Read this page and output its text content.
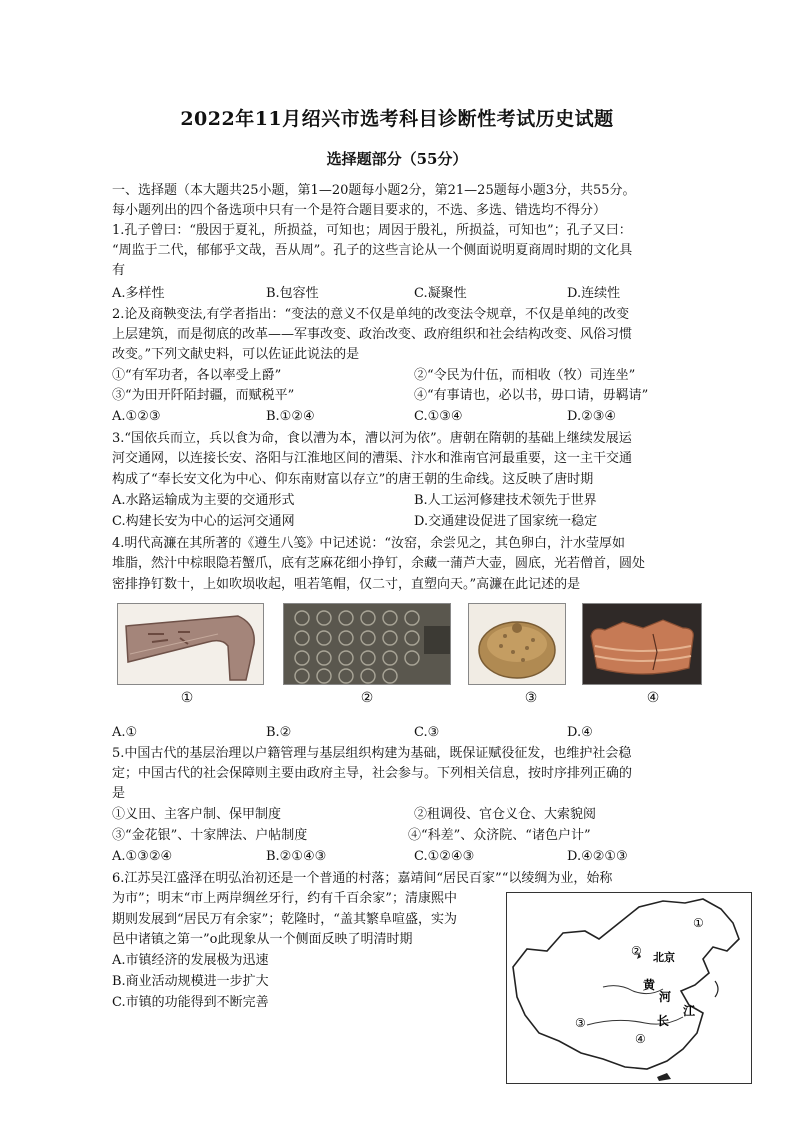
2022年11月绍兴市选考科目诊断性考试历史试题
选择题部分（55分）
一、选择题（本大题共25小题，第1—20题每小题2分，第21—25题每小题3分，共55分。
每小题列出的四个备选项中只有一个是符合题目要求的，不选、多选、错选均不得分）
1.孔子曾曰：“殷因于夏礼，所损益，可知也；周因于殷礼，所损益，可知也”；孔子又曰：
“周监于二代，郁郁乎文哉，吾从周”。孔子的这些言论从一个侧面说明夏商周时期的文化具
有
A.多样性	B.包容性	C.凝聚性	D.连续性
2.论及商鞅变法,有学者指出：“变法的意义不仅是单纯的改变法令规章，不仅是单纯的改变
上层建筑，而是彻底的改革——军事改变、政治改变、政府组织和社会结构改变、风俗习惯
改变。”下列文献史料，可以佐证此说法的是
①“有军功者，各以率受上爵”	②“令民为什伍，而相收（牧）司连坐”
③“为田开阡陌封疆，而赋税平”	④“有事请也，必以书，毋口请，毋羁请”
A.①②③	B.①②④	C.①③④	D.②③④
3.“国依兵而立，兵以食为命，食以漕为本，漕以河为依”。唐朝在隋朝的基础上继续发展运
河交通网，以连接长安、洛阳与江淮地区间的漕渠、汴水和淮南官河最重要，这一主干交通
构成了“奉长安文化为中心、仰东南财富以存立”的唐王朝的生命线。这反映了唐时期
A.水路运输成为主要的交通形式	B.人工运河修建技术领先于世界
C.构建长安为中心的运河交通网	D.交通建设促进了国家统一稳定
4.明代高濂在其所著的《遵生八笺》中记述说：“汝窑，余尝见之，其色卵白，汁水莹厚如
堆脂，然汁中棕眼隐若蟹爪，底有芝麻花细小挣钉，余藏一蒲芦大壶，圆底，光若僧首，圆处
密排挣钉数十，上如吹埙收起，咀若笔帽，仅二寸，直塑向天。”高濂在此记述的是
①	②	③	④
A.①	B.②	C.③	D.④
5.中国古代的基层治理以户籍管理与基层组织构建为基础，既保证赋役征发，也维护社会稳
定；中国古代的社会保障则主要由政府主导，社会参与。下列相关信息，按时序排列正确的
是
①义田、主客户制、保甲制度	②租调役、官仓义仓、大索貌阅
③“金花银”、十家牌法、户帖制度	④“科差”、众济院、“诸色户计”
A.①③②④	B.②①④③	C.①②④③	D.④②①③
6.江苏吴江盛泽在明弘治初还是一个普通的村落；嘉靖间“居民百家”“以绫绸为业，始称
为市”；明末“市上两岸绸丝牙行，约有千百余家”；清康熙中
期则发展到“居民万有余家”；乾隆时，“盖其繁阜喧盛，实为
邑中诸镇之第一”o此现象从一个侧面反映了明清时期
A.市镇经济的发展极为迅速
B.商业活动规模进一步扩大
C.市镇的功能得到不断完善
①
②
③
④
北京
黄
河
长
江
